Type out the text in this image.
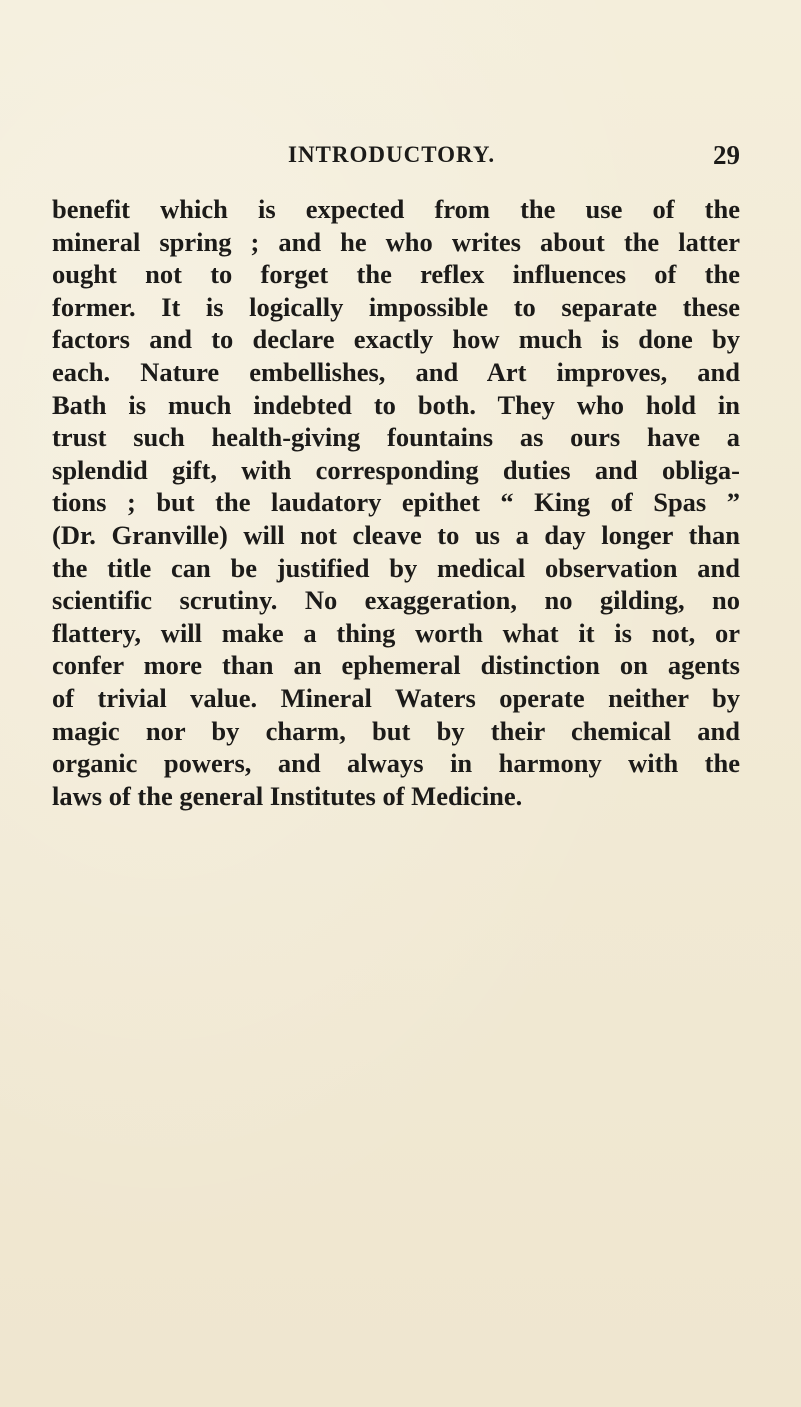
INTRODUCTORY.	29
benefit which is expected from the use of the
mineral spring ; and he who writes about the latter
ought not to forget the reflex influences of the
former. It is logically impossible to separate these
factors and to declare exactly how much is done by
each. Nature embellishes, and Art improves, and
Bath is much indebted to both. They who hold in
trust such health-giving fountains as ours have a
splendid gift, with corresponding duties and obliga-
tions ; but the laudatory epithet “ King of Spas ”
(Dr. Granville) will not cleave to us a day longer than
the title can be justified by medical observation and
scientific scrutiny. No exaggeration, no gilding, no
flattery, will make a thing worth what it is not, or
confer more than an ephemeral distinction on agents
of trivial value. Mineral Waters operate neither by
magic nor by charm, but by their chemical and
organic powers, and always in harmony with the
laws of the general Institutes of Medicine.
